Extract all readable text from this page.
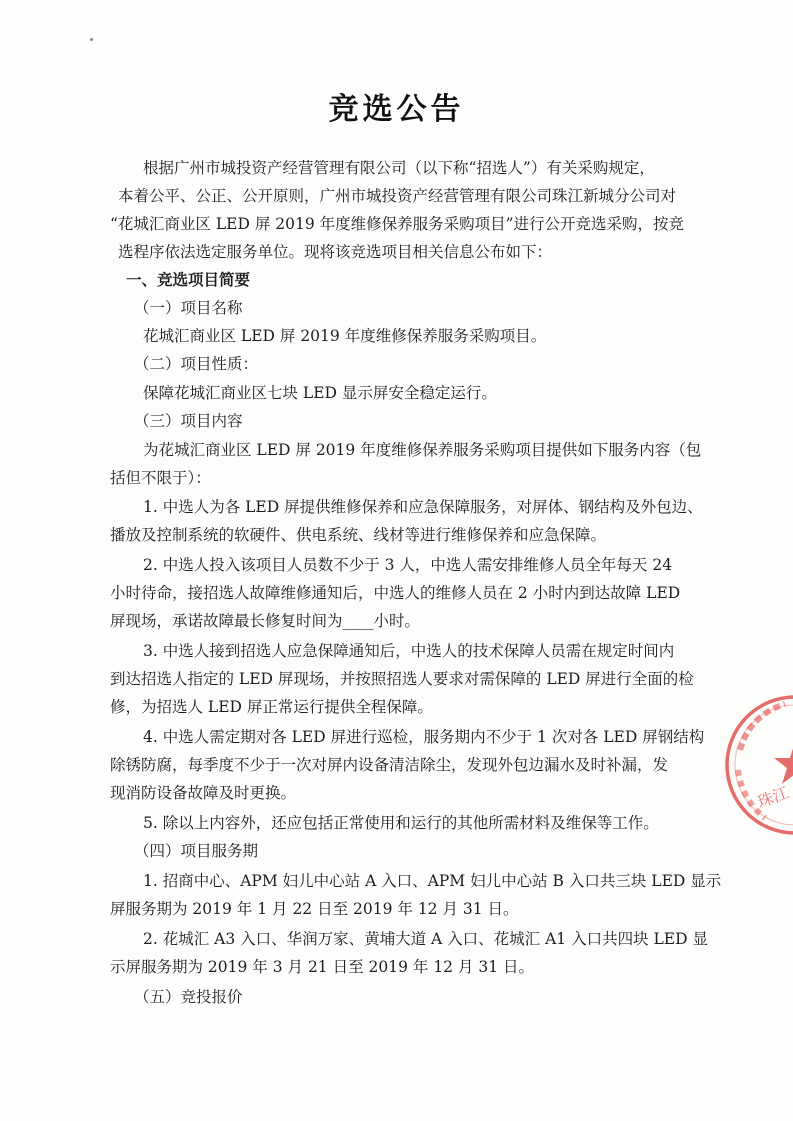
竞选公告
根据广州市城投资产经营管理有限公司（以下称“招选人”）有关采购规定，
本着公平、公正、公开原则，广州市城投资产经营管理有限公司珠江新城分公司对
“花城汇商业区 LED 屏 2019 年度维修保养服务采购项目”进行公开竞选采购，按竞
选程序依法选定服务单位。现将该竞选项目相关信息公布如下：
一、竞选项目简要
（一）项目名称
花城汇商业区 LED 屏 2019 年度维修保养服务采购项目。
（二）项目性质：
保障花城汇商业区七块 LED 显示屏安全稳定运行。
（三）项目内容
为花城汇商业区 LED 屏 2019 年度维修保养服务采购项目提供如下服务内容（包
括但不限于）：
1. 中选人为各 LED 屏提供维修保养和应急保障服务，对屏体、钢结构及外包边、
播放及控制系统的软硬件、供电系统、线材等进行维修保养和应急保障。
2. 中选人投入该项目人员数不少于 3 人，中选人需安排维修人员全年每天 24
小时待命，接招选人故障维修通知后，中选人的维修人员在 2 小时内到达故障 LED
屏现场，承诺故障最长修复时间为____小时。
3. 中选人接到招选人应急保障通知后，中选人的技术保障人员需在规定时间内
到达招选人指定的 LED 屏现场，并按照招选人要求对需保障的 LED 屏进行全面的检
修，为招选人 LED 屏正常运行提供全程保障。
4. 中选人需定期对各 LED 屏进行巡检，服务期内不少于 1 次对各 LED 屏钢结构
除锈防腐，每季度不少于一次对屏内设备清洁除尘，发现外包边漏水及时补漏，发
现消防设备故障及时更换。
5. 除以上内容外，还应包括正常使用和运行的其他所需材料及维保等工作。
（四）项目服务期
1. 招商中心、APM 妇儿中心站 A 入口、APM 妇儿中心站 B 入口共三块 LED 显示
屏服务期为 2019 年 1 月 22 日至 2019 年 12 月 31 日。
2. 花城汇 A3 入口、华润万家、黄埔大道 A 入口、花城汇 A1 入口共四块 LED 显
示屏服务期为 2019 年 3 月 21 日至 2019 年 12 月 31 日。
（五）竞投报价
珠江
